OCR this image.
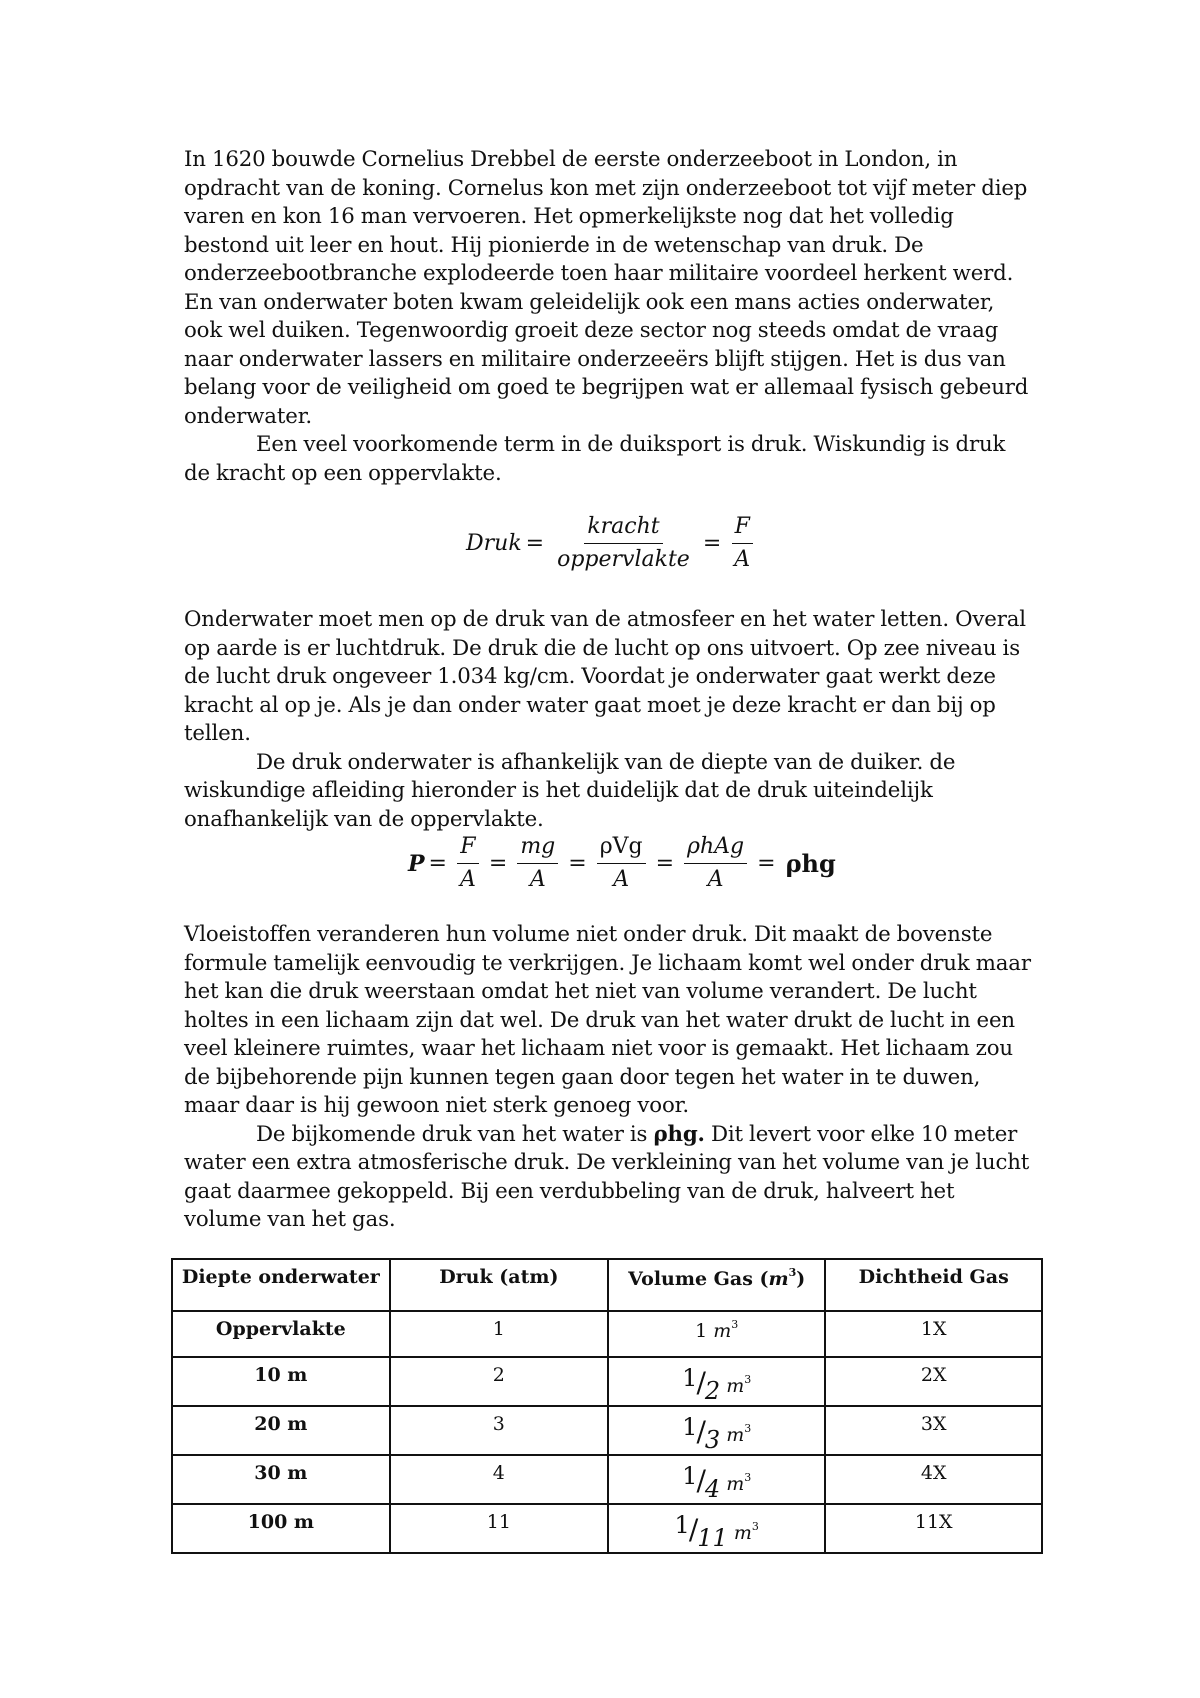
In 1620 bouwde Cornelius Drebbel de eerste onderzeeboot in London, in opdracht van de koning. Cornelus kon met zijn onderzeeboot tot vijf meter diep varen en kon 16 man vervoeren. Het opmerkelijkste nog dat het volledig bestond uit leer en hout. Hij pionierde in de wetenschap van druk. De onderzeebootbranche explodeerde toen haar militaire voordeel herkent werd. En van onderwater boten kwam geleidelijk ook een mans acties onderwater, ook wel duiken. Tegenwoordig groeit deze sector nog steeds omdat de vraag naar onderwater lassers en militaire onderzeeërs blijft stijgen. Het is dus van belang voor de veiligheid om goed te begrijpen wat er allemaal fysisch gebeurd onderwater.

Een veel voorkomende term in de duiksport is druk. Wiskundig is druk de kracht op een oppervlakte.

Druk = $\frac{\text{kracht}}{\text{oppervlakte}} = \frac{F}{A}$

Onderwater moet men op de druk van de atmosfeer en het water letten. Overal op aarde is er luchtdruk. De druk die de lucht op ons uitvoert. Op zee niveau is de lucht druk ongeveer 1.034 kg/cm. Voordat je onderwater gaat werkt deze kracht al op je. Als je dan onder water gaat moet je deze kracht er dan bij op tellen.

De druk onderwater is afhankelijk van de diepte van de duiker. de wiskundige afleiding hieronder is het duidelijk dat de druk uiteindelijk onafhankelijk van de oppervlakte.

$P = \frac{F}{A} = \frac{mg}{A} = \frac{\text{ρVg}}{A} = \frac{\text{ρhAg}}{A} = \rho hg$

Vloeistoffen veranderen hun volume niet onder druk. Dit maakt de bovenste formule tamelijk eenvoudig te verkrijgen. Je lichaam komt wel onder druk maar het kan die druk weerstaan omdat het niet van volume verandert. De lucht holtes in een lichaam zijn dat wel. De druk van het water drukt de lucht in een veel kleinere ruimtes, waar het lichaam niet voor is gemaakt. Het lichaam zou de bijbehorende pijn kunnen tegen gaan door tegen het water in te duwen, maar daar is hij gewoon niet sterk genoeg voor.

De bijkomende druk van het water is ρhg. Dit levert voor elke 10 meter water een extra atmosferische druk. De verkleining van het volume van je lucht gaat daarmee gekoppeld. Bij een verdubbeling van de druk, halveert het volume van het gas.

Diepte onderwater	Druk (atm)	Volume Gas $(m^3)$	Dichtheid Gas
Oppervlakte	1	1 $m^3$	1X
10 m	2	1/2 $m^3$	2X
20 m	3	1/3 $m^3$	3X
30 m	4	1/4 $m^3$	4X
100 m	11	1/11 $m^3$	11X
